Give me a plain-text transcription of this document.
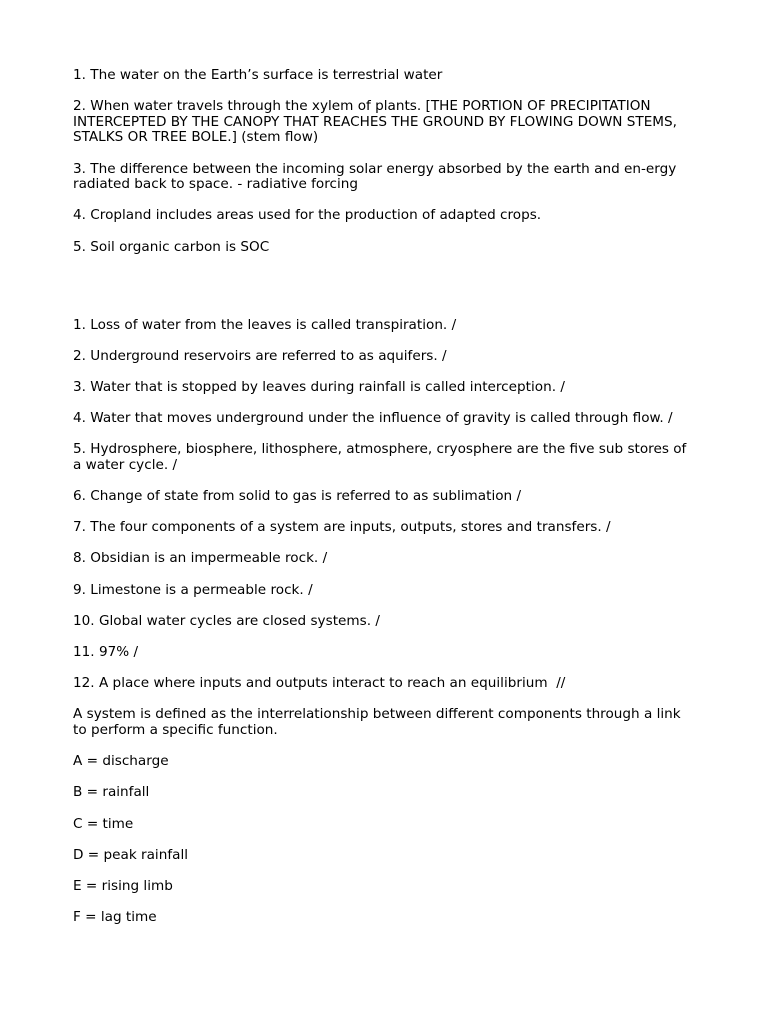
1. The water on the Earth’s surface is terrestrial water

2. When water travels through the xylem of plants. [THE PORTION OF PRECIPITATION INTERCEPTED BY THE CANOPY THAT REACHES THE GROUND BY FLOWING DOWN STEMS, STALKS OR TREE BOLE.] (stem flow)

3. The difference between the incoming solar energy absorbed by the earth and en-ergy radiated back to space. - radiative forcing

4. Cropland includes areas used for the production of adapted crops.

5. Soil organic carbon is SOC

1. Loss of water from the leaves is called transpiration. /

2. Underground reservoirs are referred to as aquifers. /

3. Water that is stopped by leaves during rainfall is called interception. /

4. Water that moves underground under the influence of gravity is called through flow. /

5. Hydrosphere, biosphere, lithosphere, atmosphere, cryosphere are the five sub stores of a water cycle. /

6. Change of state from solid to gas is referred to as sublimation /

7. The four components of a system are inputs, outputs, stores and transfers. /

8. Obsidian is an impermeable rock. /

9. Limestone is a permeable rock. /

10. Global water cycles are closed systems. /

11. 97% /

12. A place where inputs and outputs interact to reach an equilibrium  //

A system is defined as the interrelationship between different components through a link to perform a specific function.

A = discharge

B = rainfall

C = time

D = peak rainfall

E = rising limb

F = lag time
